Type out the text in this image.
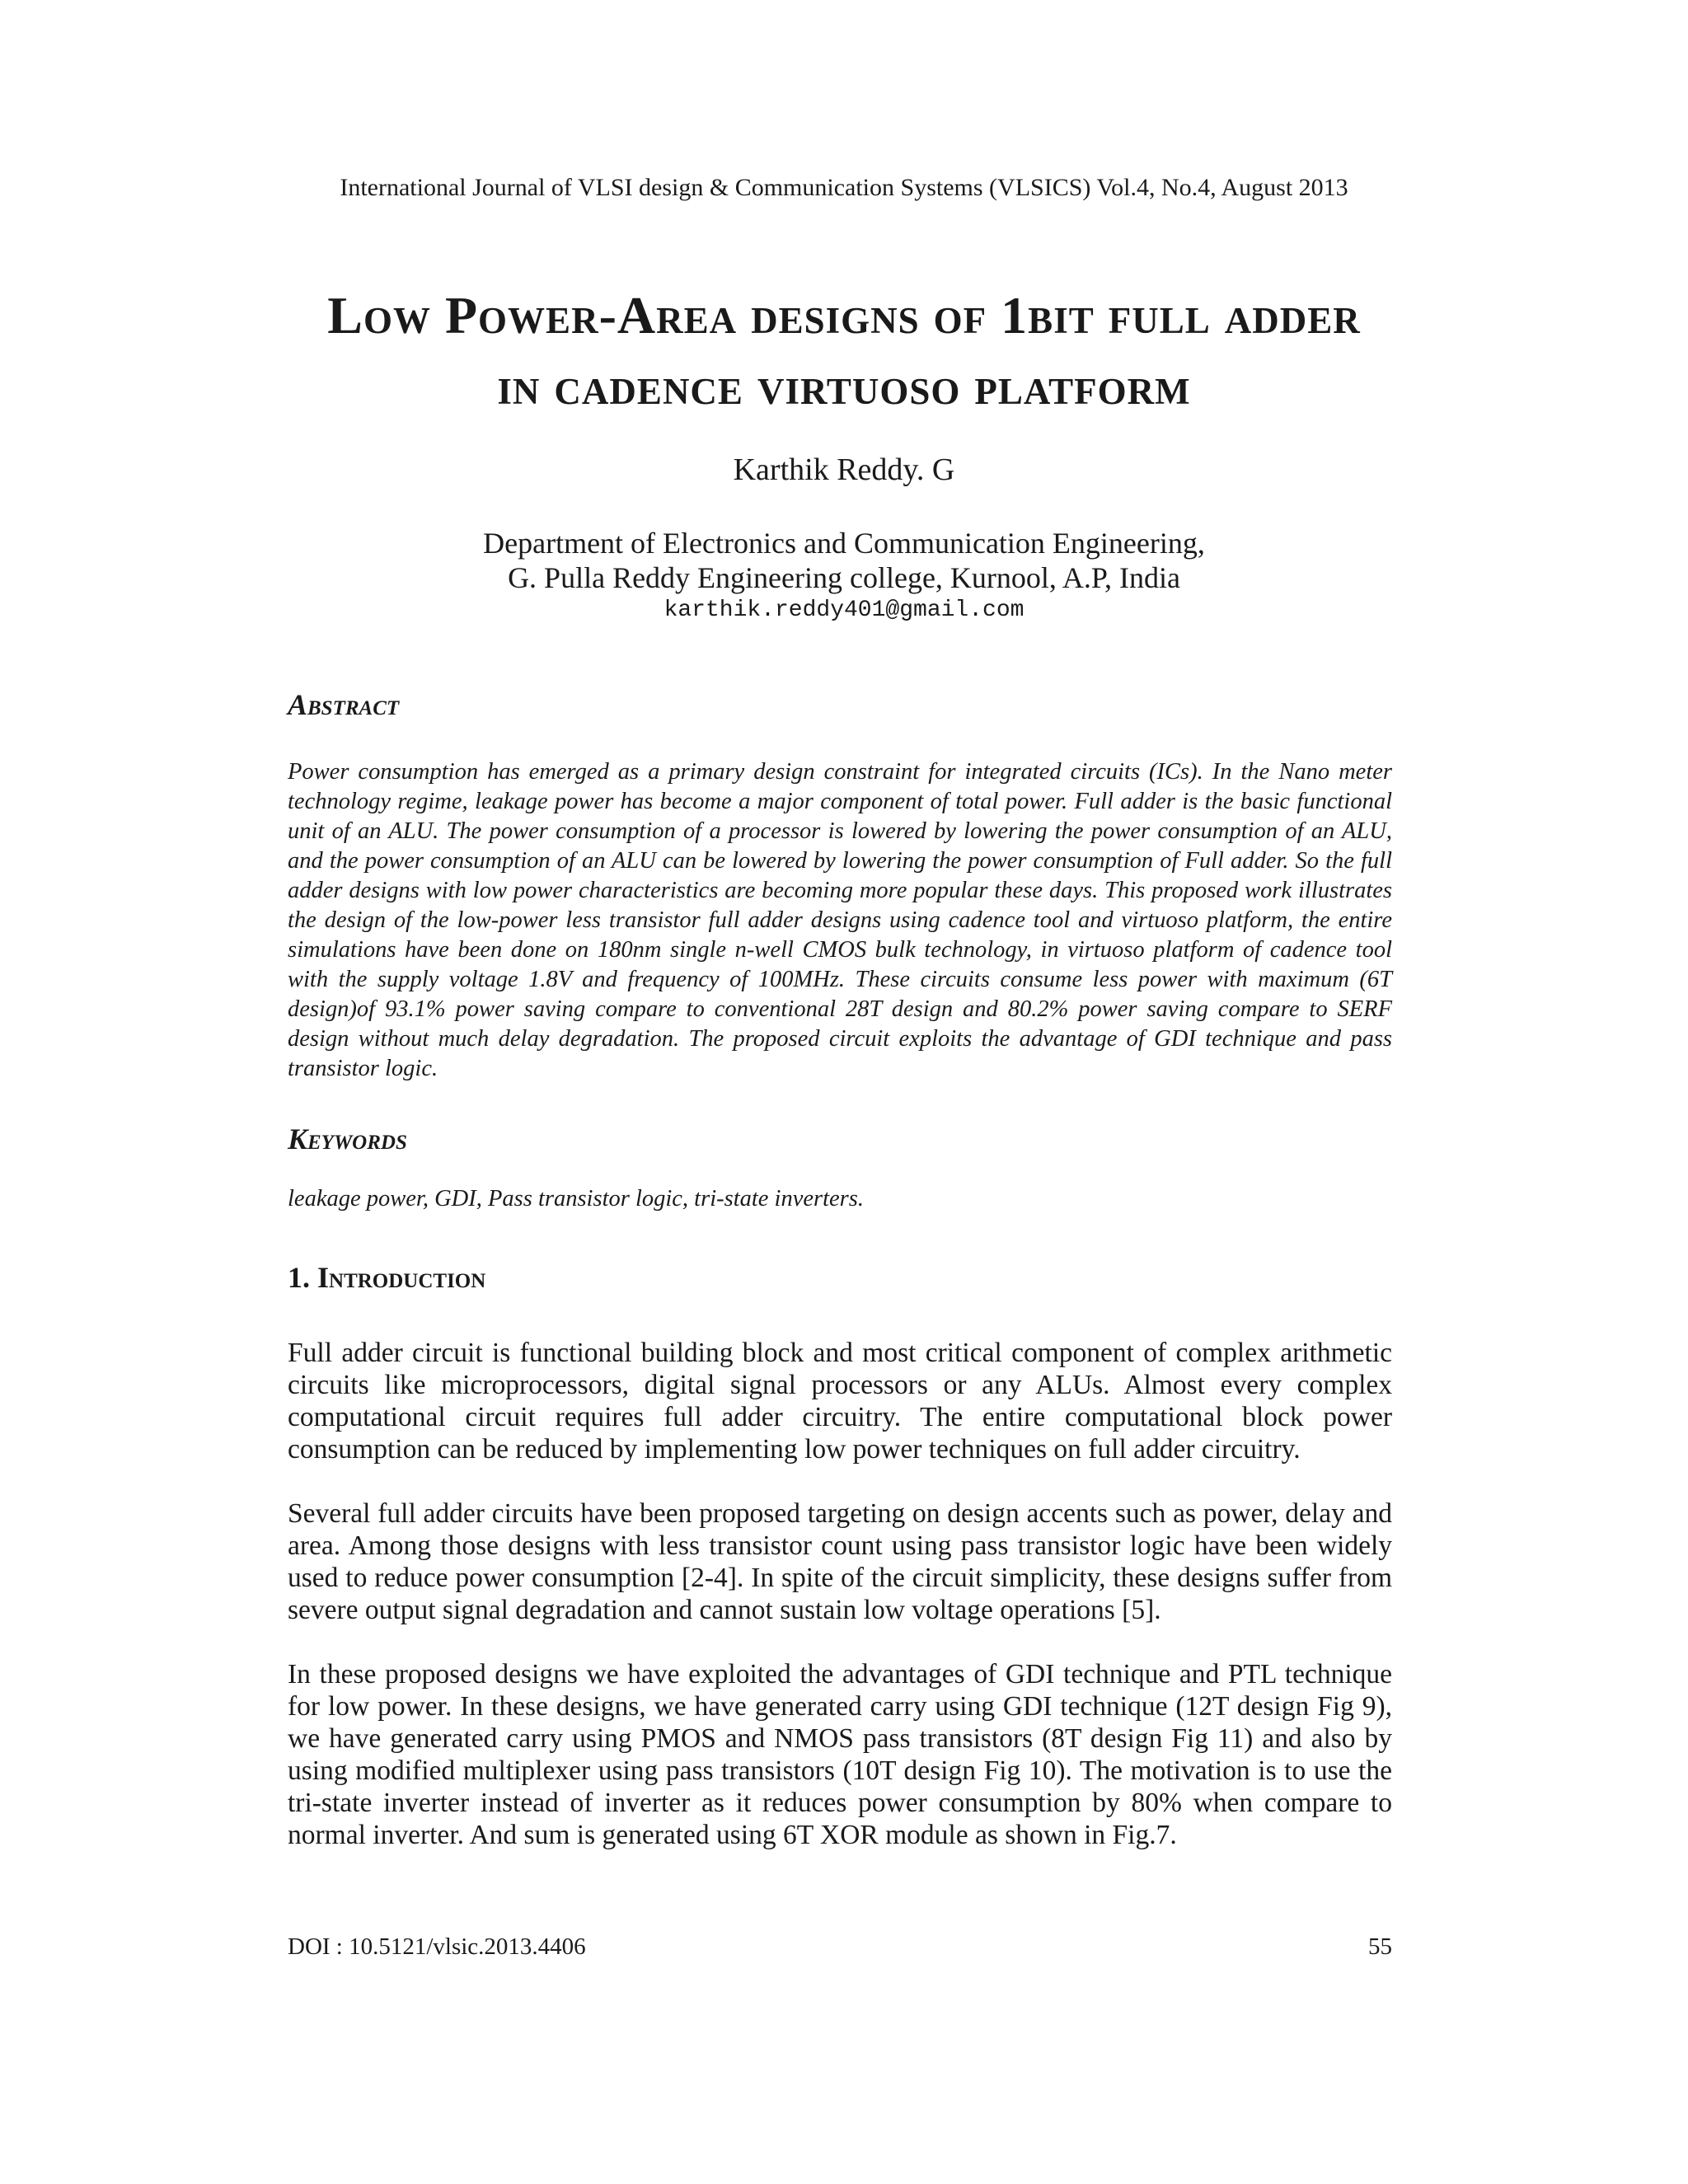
International Journal of VLSI design & Communication Systems (VLSICS) Vol.4, No.4, August 2013
Low Power-Area designs of 1bit full adder
in cadence virtuoso platform
Karthik Reddy. G
Department of Electronics and Communication Engineering,
G. Pulla Reddy Engineering college, Kurnool, A.P, India
karthik.reddy401@gmail.com
Abstract

Power consumption has emerged as a primary design constraint for integrated circuits (ICs). In the Nano meter technology regime, leakage power has become a major component of total power. Full adder is the basic functional unit of an ALU. The power consumption of a processor is lowered by lowering the power consumption of an ALU, and the power consumption of an ALU can be lowered by lowering the power consumption of Full adder. So the full adder designs with low power characteristics are becoming more popular these days. This proposed work illustrates the design of the low-power less transistor full adder designs using cadence tool and virtuoso platform, the entire simulations have been done on 180nm single n-well CMOS bulk technology, in virtuoso platform of cadence tool with the supply voltage 1.8V and frequency of 100MHz. These circuits consume less power with maximum (6T design)of 93.1% power saving compare to conventional 28T design and 80.2% power saving compare to SERF design without much delay degradation. The proposed circuit exploits the advantage of GDI technique and pass transistor logic.

Keywords

leakage power, GDI, Pass transistor logic, tri-state inverters.

1. Introduction

Full adder circuit is functional building block and most critical component of complex arithmetic circuits like microprocessors, digital signal processors or any ALUs. Almost every complex computational circuit requires full adder circuitry. The entire computational block power consumption can be reduced by implementing low power techniques on full adder circuitry.

Several full adder circuits have been proposed targeting on design accents such as power, delay and area. Among those designs with less transistor count using pass transistor logic have been widely used to reduce power consumption [2-4]. In spite of the circuit simplicity, these designs suffer from severe output signal degradation and cannot sustain low voltage operations [5].

In these proposed designs we have exploited the advantages of GDI technique and PTL technique for low power. In these designs, we have generated carry using GDI technique (12T design Fig 9), we have generated carry using PMOS and NMOS pass transistors (8T design Fig 11) and also by using modified multiplexer using pass transistors (10T design Fig 10). The motivation is to use the tri-state inverter instead of inverter as it reduces power consumption by 80% when compare to normal inverter. And sum is generated using 6T XOR module as shown in Fig.7.

DOI : 10.5121/vlsic.2013.4406	55
